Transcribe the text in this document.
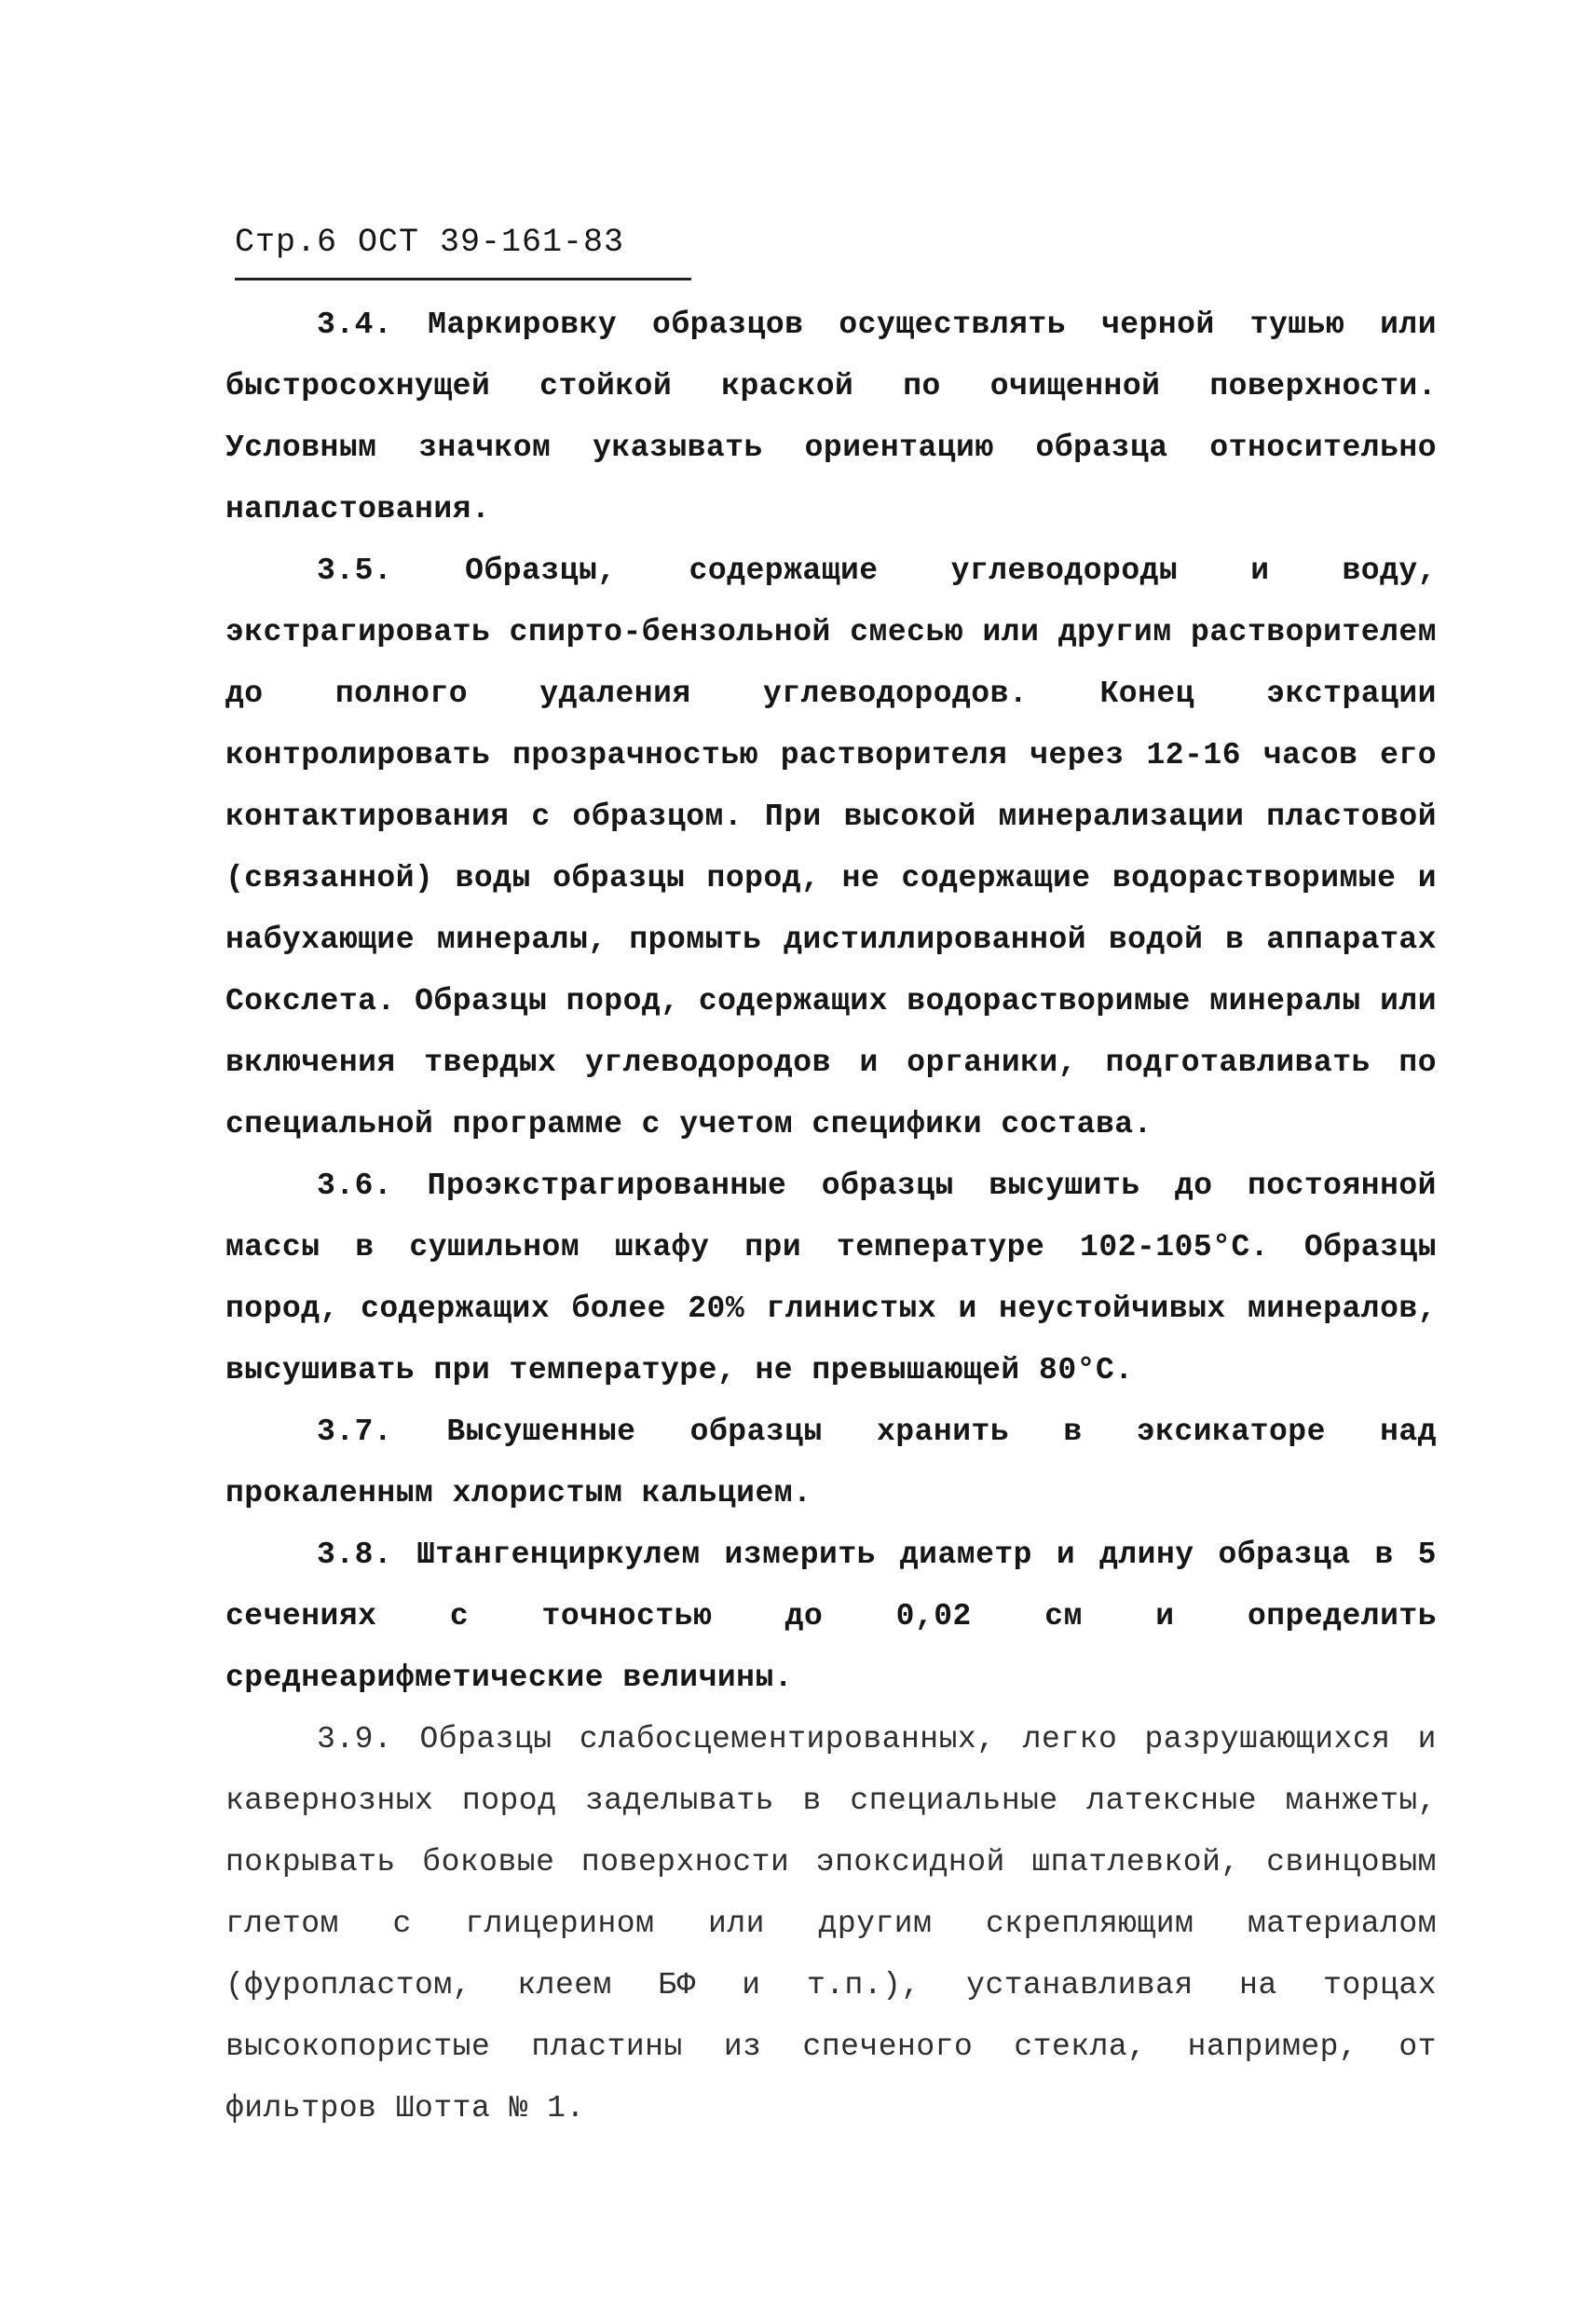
Стр.6 ОСТ 39-161-83

3.4. Маркировку образцов осуществлять черной тушью или быстросохнущей стойкой краской по очищенной поверхности. Условным значком указывать ориентацию образца относительно напластования.

3.5. Образцы, содержащие углеводороды и воду, экстрагировать спирто-бензольной смесью или другим растворителем до полного удаления углеводородов. Конец экстрации контролировать прозрачностью растворителя через 12-16 часов его контактирования с образцом. При высокой минерализации пластовой (связанной) воды образцы пород, не содержащие водорастворимые и набухающие минералы, промыть дистиллированной водой в аппаратах Сокслета. Образцы пород, содержащих водорастворимые минералы или включения твердых углеводородов и органики, подготавливать по специальной программе с учетом специфики состава.

3.6. Проэкстрагированные образцы высушить до постоянной массы в сушильном шкафу при температуре 102-105°С. Образцы пород, содержащих более 20% глинистых и неустойчивых минералов, высушивать при температуре, не превышающей 80°С.

3.7. Высушенные образцы хранить в эксикаторе над прокаленным хлористым кальцием.

3.8. Штангенциркулем измерить диаметр и длину образца в 5 сечениях с точностью до 0,02 см и определить среднеарифметические величины.

3.9. Образцы слабосцементированных, легко разрушающихся и кавернозных пород заделывать в специальные латексные манжеты, покрывать боковые поверхности эпоксидной шпатлевкой, свинцовым глетом с глицерином или другим скрепляющим материалом (фуропластом, клеем БФ и т.п.), устанавливая на торцах высокопористые пластины из спеченого стекла, например, от фильтров Шотта № 1.
